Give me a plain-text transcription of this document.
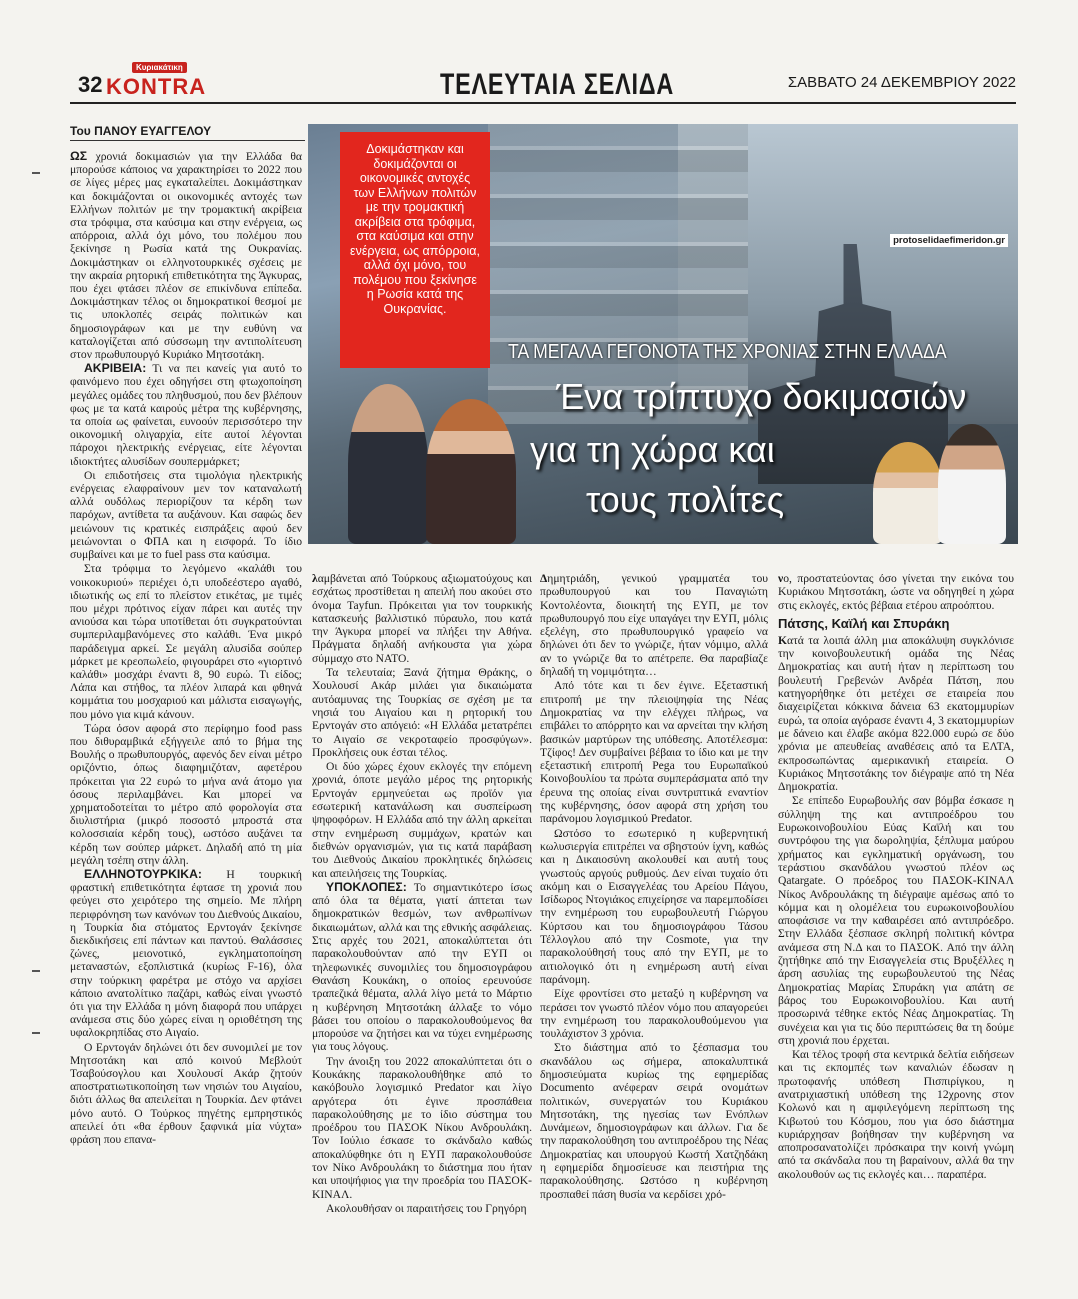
32
Κυριακάτικη
KONTRA	ΤΕΛΕΥΤΑΙΑ ΣΕΛΙΔΑ	ΣΑΒΒΑΤΟ 24 ΔΕΚΕΜΒΡΙΟΥ 2022
Του ΠΑΝΟΥ ΕΥΑΓΓΕΛΟΥ
Δοκιμάστηκαν και δοκιμάζονται οι οικονομικές αντοχές των Ελλήνων πολιτών με την τρομακτική ακρίβεια στα τρόφιμα, στα καύσιμα και στην ενέργεια, ως απόρροια, αλλά όχι μόνο, του πολέμου που ξεκίνησε η Ρωσία κατά της Ουκρανίας.
ΤΑ ΜΕΓΑΛΑ ΓΕΓΟΝΟΤΑ ΤΗΣ ΧΡΟΝΙΑΣ ΣΤΗΝ ΕΛΛΑΔΑ
Ένα τρίπτυχο δοκιμασιών
για τη χώρα και
τους πολίτες
protoselidaefimeridon.gr

ΩΣ χρονιά δοκιμασιών για την Ελλάδα θα μπορούσε κάποιος να χαρακτηρίσει το 2022 που σε λίγες μέρες μας εγκαταλείπει. Δοκιμάστηκαν και δοκιμάζονται οι οικονομικές αντοχές των Ελλήνων πολιτών με την τρομακτική ακρίβεια στα τρόφιμα, στα καύσιμα και στην ενέργεια, ως απόρροια, αλλά όχι μόνο, του πολέμου που ξεκίνησε η Ρωσία κατά της Ουκρανίας. Δοκιμάστηκαν οι ελληνοτουρκικές σχέσεις με την ακραία ρητορική επιθετικότητα της Άγκυρας, που έχει φτάσει πλέον σε επικίνδυνα επίπεδα. Δοκιμάστηκαν τέλος οι δημοκρατικοί θεσμοί με τις υποκλοπές σειράς πολιτικών και δημοσιογράφων και με την ευθύνη να καταλογίζεται από σύσσωμη την αντιπολίτευση στον πρωθυπουργό Κυριάκο Μητσοτάκη.

ΑΚΡΙΒΕΙΑ: Τι να πει κανείς για αυτό το φαινόμενο που έχει οδηγήσει στη φτωχοποίηση μεγάλες ομάδες του πληθυσμού, που δεν βλέπουν φως με τα κατά καιρούς μέτρα της κυβέρνησης, τα οποία ως φαίνεται, ευνοούν περισσότερο την οικονομική ολιγαρχία, είτε αυτοί λέγονται πάροχοι ηλεκτρικής ενέργειας, είτε λέγονται ιδιοκτήτες αλυσίδων σουπερμάρκετ;

Οι επιδοτήσεις στα τιμολόγια ηλεκτρικής ενέργειας ελαφραίνουν μεν τον καταναλωτή αλλά ουδόλως περιορίζουν τα κέρδη των παρόχων, αντίθετα τα αυξάνουν. Και σαφώς δεν μειώνουν τις κρατικές εισπράξεις αφού δεν μειώνονται ο ΦΠΑ και η εισφορά. Το ίδιο συμβαίνει και με το fuel pass στα καύσιμα.

Στα τρόφιμα το λεγόμενο «καλάθι του νοικοκυριού» περιέχει ό,τι υποδεέστερο αγαθό, ιδιωτικής ως επί το πλείστον ετικέτας, με τιμές που μέχρι πρότινος είχαν πάρει και αυτές την ανιούσα και τώρα υποτίθεται ότι συγκρατούνται συμπεριλαμβανόμενες στο καλάθι. Ένα μικρό παράδειγμα αρκεί. Σε μεγάλη αλυσίδα σούπερ μάρκετ με κρεοπωλείο, φιγουράρει στο «γιορτινό καλάθι» μοσχάρι έναντι 8, 90 ευρώ. Τι είδος; Λάπα και στήθος, τα πλέον λιπαρά και φθηνά κομμάτια του μοσχαριού και μάλιστα εισαγωγής, που μόνο για κιμά κάνουν.

Τώρα όσον αφορά στο περίφημο food pass που διθυραμβικά εξήγγειλε από το βήμα της Βουλής ο πρωθυπουργός, αφενός δεν είναι μέτρο οριζόντιο, όπως διαφημιζόταν, αφετέρου πρόκειται για 22 ευρώ το μήνα ανά άτομο για όσους περιλαμβάνει. Και μπορεί να χρηματοδοτείται το μέτρο από φορολογία στα διυλιστήρια (μικρό ποσοστό μπροστά στα κολοσσιαία κέρδη τους), ωστόσο αυξάνει τα κέρδη των σούπερ μάρκετ. Δηλαδή από τη μία μεγάλη τσέπη στην άλλη.

ΕΛΛΗΝΟΤΟΥΡΚΙΚΑ: Η τουρκική φραστική επιθετικότητα έφτασε τη χρονιά που φεύγει στο χειρότερο της σημείο. Με πλήρη περιφρόνηση των κανόνων του Διεθνούς Δικαίου, η Τουρκία δια στόματος Ερντογάν ξεκίνησε διεκδικήσεις επί πάντων και παντού. Θαλάσσιες ζώνες, μειονοτικό, εγκληματοποίηση μεταναστών, εξοπλιστικά (κυρίως F-16), όλα στην τούρκικη φαρέτρα με στόχο να αρχίσει κάποιο ανατολίτικο παζάρι, καθώς είναι γνωστό ότι για την Ελλάδα η μόνη διαφορά που υπάρχει ανάμεσα στις δύο χώρες είναι η οριοθέτηση της υφαλοκρηπίδας στο Αιγαίο.

Ο Ερντογάν δηλώνει ότι δεν συνομιλεί με τον Μητσοτάκη και από κοινού Μεβλούτ Τσαβούσογλου και Χουλουσί Ακάρ ζητούν αποστρατιωτικοποίηση των νησιών του Αιγαίου, διότι άλλως θα απειλείται η Τουρκία. Δεν φτάνει μόνο αυτό. Ο Τούρκος πηγέτης εμπρηστικός απειλεί ότι «θα έρθουν ξαφνικά μία νύχτα» φράση που επανα-

λαμβάνεται από Τούρκους αξιωματούχους και εσχάτως προστίθεται η απειλή που ακούει στο όνομα Tayfun. Πρόκειται για τον τουρκικής κατασκευής βαλλιστικό πύραυλο, που κατά την Άγκυρα μπορεί να πλήξει την Αθήνα. Πράγματα δηλαδή ανήκουστα για χώρα σύμμαχο στο ΝΑΤΟ.

Τα τελευταία; Ξανά ζήτημα Θράκης, ο Χουλουσί Ακάρ μιλάει για δικαιώματα αυτόαμυνας της Τουρκίας σε σχέση με τα νησιά του Αιγαίου και η ρητορική του Ερντογάν στο απόγειό: «Η Ελλάδα μετατρέπει το Αιγαίο σε νεκροταφείο προσφύγων». Προκλήσεις ουκ έσται τέλος.

Οι δύο χώρες έχουν εκλογές την επόμενη χρονιά, όποτε μεγάλο μέρος της ρητορικής Ερντογάν ερμηνεύεται ως προϊόν για εσωτερική κατανάλωση και συσπείρωση ψηφοφόρων. Η Ελλάδα από την άλλη αρκείται στην ενημέρωση συμμάχων, κρατών και διεθνών οργανισμών, για τις κατά παράβαση του Διεθνούς Δικαίου προκλητικές δηλώσεις και απειλήσεις της Τουρκίας.

ΥΠΟΚΛΟΠΕΣ: Το σημαντικότερο ίσως από όλα τα θέματα, γιατί άπτεται των δημοκρατικών θεσμών, των ανθρωπίνων δικαιωμάτων, αλλά και της εθνικής ασφάλειας. Στις αρχές του 2021, αποκαλύπτεται ότι παρακολουθούνταν από την ΕΥΠ οι τηλεφωνικές συνομιλίες του δημοσιογράφου Θανάση Κουκάκη, ο οποίος ερευνούσε τραπεζικά θέματα, αλλά λίγο μετά το Μάρτιο η κυβέρνηση Μητσοτάκη άλλαξε το νόμο βάσει του οποίου ο παρακολουθούμενος θα μπορούσε να ζητήσει και να τύχει ενημέρωσης για τους λόγους.

Την άνοιξη του 2022 αποκαλύπτεται ότι ο Κουκάκης παρακολουθήθηκε από το κακόβουλο λογισμικό Predator και λίγο αργότερα ότι έγινε προσπάθεια παρακολούθησης με το ίδιο σύστημα του προέδρου του ΠΑΣΟΚ Νίκου Ανδρουλάκη. Τον Ιούλιο έσκασε το σκάνδαλο καθώς αποκαλύφθηκε ότι η ΕΥΠ παρακολουθούσε τον Νίκο Ανδρουλάκη το διάστημα που ήταν και υποψήφιος για την προεδρία του ΠΑΣΟΚ- ΚΙΝΑΛ.

Ακολουθήσαν οι παραιτήσεις του Γρηγόρη

Δημητριάδη, γενικού γραμματέα του πρωθυπουργού και του Παναγιώτη Κοντολέοντα, διοικητή της ΕΥΠ, με τον πρωθυπουργό που είχε υπαγάγει την ΕΥΠ, μόλις εξελέγη, στο πρωθυπουργικό γραφείο να δηλώνει ότι δεν το γνώριζε, ήταν νόμιμο, αλλά αν το γνώριζε θα το απέτρεπε. Θα παραβίαζε δηλαδή τη νομιμότητα…

Από τότε και τι δεν έγινε. Εξεταστική επιτροπή με την πλειοψηφία της Νέας Δημοκρατίας να την ελέγχει πλήρως, να επιβάλει το απόρρητο και να αρνείται την κλήση βασικών μαρτύρων της υπόθεσης. Αποτέλεσμα: Τζίφος! Δεν συμβαίνει βέβαια το ίδιο και με την εξεταστική επιτροπή Pega του Ευρωπαϊκού Κοινοβουλίου τα πρώτα συμπεράσματα από την έρευνα της οποίας είναι συντριπτικά εναντίον της κυβέρνησης, όσον αφορά στη χρήση του παράνομου λογισμικού Predator.

Ωστόσο το εσωτερικό η κυβερνητική κωλυσιεργία επιτρέπει να σβηστούν ίχνη, καθώς και η Δικαιοσύνη ακολουθεί και αυτή τους γνωστούς αργούς ρυθμούς. Δεν είναι τυχαίο ότι ακόμη και ο Εισαγγελέας του Αρείου Πάγου, Ισίδωρος Ντογιάκος επιχείρησε να παρεμποδίσει την ενημέρωση του ευρωβουλευτή Γιώργου Κύρτσου και του δημοσιογράφου Τάσου Τέλλογλου από την Cosmote, για την παρακολούθησή τους από την ΕΥΠ, με το αιτιολογικό ότι η ενημέρωση αυτή είναι παράνομη.

Είχε φροντίσει στο μεταξύ η κυβέρνηση να περάσει τον γνωστό πλέον νόμο που απαγορεύει την ενημέρωση του παρακολουθούμενου για τουλάχιστον 3 χρόνια.

Στο διάστημα από το ξέσπασμα του σκανδάλου ως σήμερα, αποκαλυπτικά δημοσιεύματα κυρίως της εφημερίδας Documento ανέφεραν σειρά ονομάτων πολιτικών, συνεργατών του Κυριάκου Μητσοτάκη, της ηγεσίας των Ενόπλων Δυνάμεων, δημοσιογράφων και άλλων. Για δε την παρακολούθηση του αντιπροέδρου της Νέας Δημοκρατίας και υπουργού Κωστή Χατζηδάκη η εφημερίδα δημοσίευσε και πειστήρια της παρακολούθησης. Ωστόσο η κυβέρνηση προσπαθεί πάση θυσία να κερδίσει χρό-

νο, προστατεύοντας όσο γίνεται την εικόνα του Κυριάκου Μητσοτάκη, ώστε να οδηγηθεί η χώρα στις εκλογές, εκτός βέβαια ετέρου απροόπτου.

Πάτσης, Καϊλή και Σπυράκη

Κατά τα λοιπά άλλη μια αποκάλυψη συγκλόνισε την κοινοβουλευτική ομάδα της Νέας Δημοκρατίας και αυτή ήταν η περίπτωση του βουλευτή Γρεβενών Ανδρέα Πάτση, που κατηγορήθηκε ότι μετέχει σε εταιρεία που διαχειρίζεται κόκκινα δάνεια 63 εκατομμυρίων ευρώ, τα οποία αγόρασε έναντι 4, 3 εκατομμυρίων με δάνειο και έλαβε ακόμα 822.000 ευρώ σε δύο χρόνια με απευθείας αναθέσεις από τα ΕΛΤΑ, εκπροσωπώντας αμερικανική εταιρεία. Ο Κυριάκος Μητσοτάκης τον διέγραψε από τη Νέα Δημοκρατία.

Σε επίπεδο Ευρωβουλής σαν βόμβα έσκασε η σύλληψη της και αντιπροέδρου του Ευρωκοινοβουλίου Εύας Καϊλή και του συντρόφου της για δωροληψία, ξέπλυμα μαύρου χρήματος και εγκληματική οργάνωση, του τεράστιου σκανδάλου γνωστού πλέον ως Qatargate. Ο πρόεδρος του ΠΑΣΟΚ-ΚΙΝΑΛ Νίκος Ανδρουλάκης τη διέγραψε αμέσως από το κόμμα και η ολομέλεια του ευρωκοινοβουλίου αποφάσισε να την καθαιρέσει από αντιπρόεδρο. Στην Ελλάδα ξέσπασε σκληρή πολιτική κόντρα ανάμεσα στη Ν.Δ και το ΠΑΣΟΚ. Από την άλλη ζητήθηκε από την Εισαγγελεία στις Βρυξέλλες η άρση ασυλίας της ευρωβουλευτού της Νέας Δημοκρατίας Μαρίας Σπυράκη για απάτη σε βάρος του Ευρωκοινοβουλίου. Και αυτή προσωρινά τέθηκε εκτός Νέας Δημοκρατίας. Τη συνέχεια και για τις δύο περιπτώσεις θα τη δούμε στη χρονιά που έρχεται.

Και τέλος τροφή στα κεντρικά δελτία ειδήσεων και τις εκπομπές των καναλιών έδωσαν η πρωτοφανής υπόθεση Πισπιρίγκου, η ανατριχιαστική υπόθεση της 12χρονης στον Κολωνό και η αμφιλεγόμενη περίπτωση της Κιβωτού του Κόσμου, που για όσο διάστημα κυριάρχησαν βοήθησαν την κυβέρνηση να αποπροσανατολίζει πρόσκαιρα την κοινή γνώμη από τα σκάνδαλα που τη βαραίνουν, αλλά θα την ακολουθούν ως τις εκλογές και… παραπέρα.
